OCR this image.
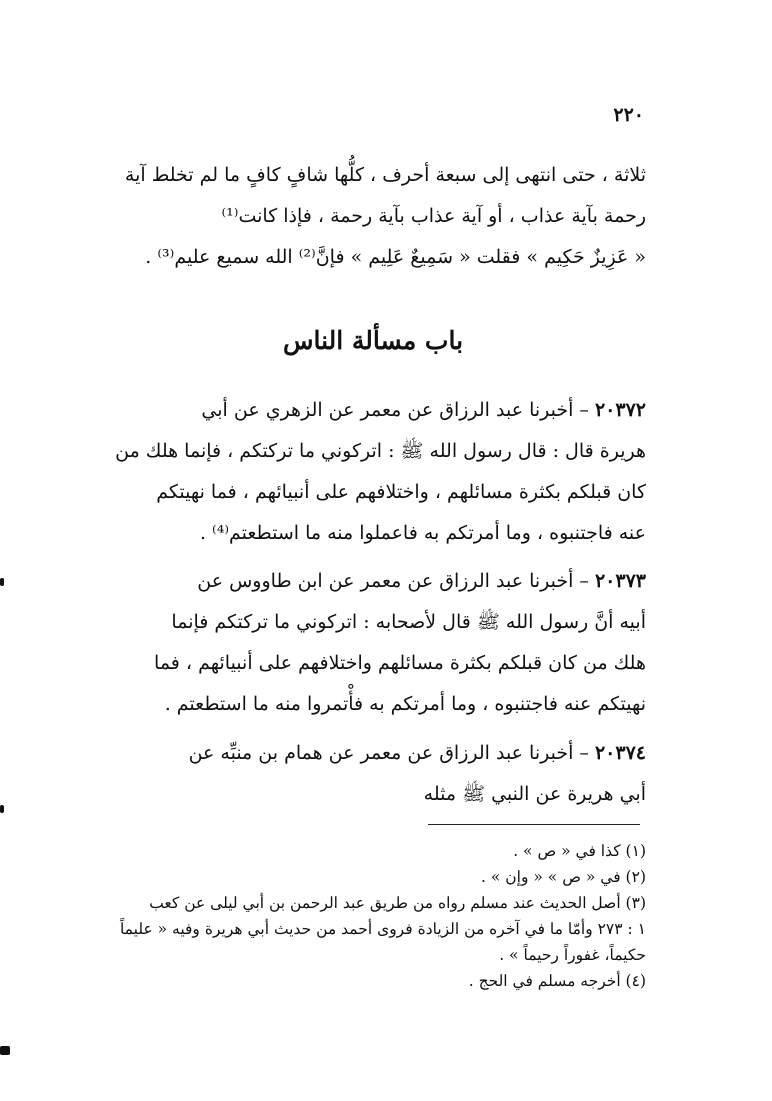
٢٢٠
ثلاثة ، حتى انتهى إلى سبعة أحرف ، كلُّها شافٍ كافٍ ما لم تخلط آية
رحمة بآية عذاب ، أو آية عذاب بآية رحمة ، فإذا كانت⁽¹⁾
« عَزِيزٌ حَكِيم » فقلت « سَمِيعٌ عَلِيم » فإنَّ⁽²⁾ الله سميع عليم⁽³⁾ .
باب مسألة الناس
٢٠٣٧٢ – أخبرنا عبد الرزاق عن معمر عن الزهري عن أبي
هريرة قال : قال رسول الله ﷺ : اتركوني ما تركتكم ، فإنما هلك من
كان قبلكم بكثرة مسائلهم ، واختلافهم على أنبيائهم ، فما نهيتكم
عنه فاجتنبوه ، وما أمرتكم به فاعملوا منه ما استطعتم⁽⁴⁾ .
٢٠٣٧٣ – أخبرنا عبد الرزاق عن معمر عن ابن طاووس عن
أبيه أنَّ رسول الله ﷺ قال لأصحابه : اتركوني ما تركتكم فإنما
هلك من كان قبلكم بكثرة مسائلهم واختلافهم على أنبيائهم ، فما
نهيتكم عنه فاجتنبوه ، وما أمرتكم به فأْتمروا منه ما استطعتم .
٢٠٣٧٤ – أخبرنا عبد الرزاق عن معمر عن همام بن منبِّه عن
أبي هريرة عن النبي ﷺ مثله
(١) كذا في « ص » .
(٢) في « ص » « وإن » .
(٣) أصل الحديث عند مسلم رواه من طريق عبد الرحمن بن أبي ليلى عن كعب
١ : ٢٧٣ وأمّا ما في آخره من الزيادة فروى أحمد من حديث أبي هريرة وفيه « عليماً
حكيماً، غفوراً رحيماً » .
(٤) أخرجه مسلم في الحج .
